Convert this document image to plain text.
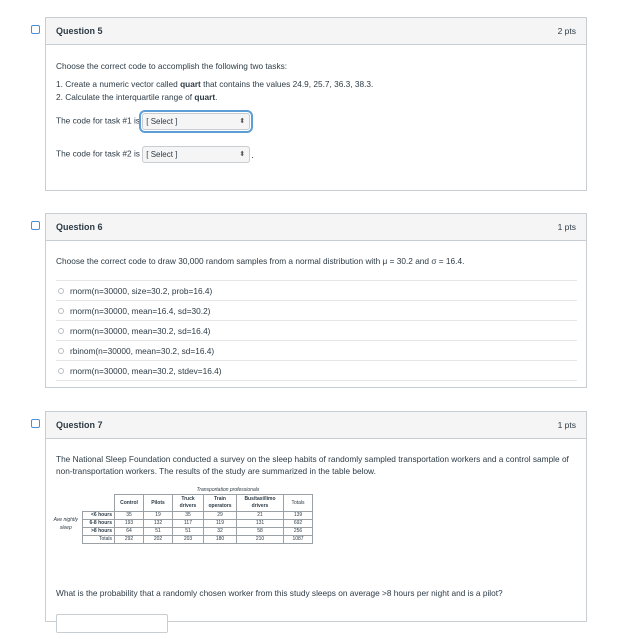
Question 5	2 pts
Choose the correct code to accomplish the following two tasks:
1. Create a numeric vector called quart that contains the values 24.9, 25.7, 36.3, 38.3.
2. Calculate the interquartile range of quart.
The code for task #1 is [ Select ]	⬍ .
The code for task #2 is [ Select ]	⬍ .
Question 6	1 pts
Choose the correct code to draw 30,000 random samples from a normal distribution with μ = 30.2 and σ = 16.4.
rnorm(n=30000, size=30.2, prob=16.4)
rnorm(n=30000, mean=16.4, sd=30.2)
rnorm(n=30000, mean=30.2, sd=16.4)
rbinom(n=30000, mean=30.2, sd=16.4)
rnorm(n=30000, mean=30.2, stdev=16.4)
Question 7	1 pts
The National Sleep Foundation conducted a survey on the sleep habits of randomly sampled transportation workers and a control sample of non-transportation workers. The results of the study are summarized in the table below.
				Transportation professionals			
		Control	Pilots	Truck drivers	Train operators	Bus/taxi/limo drivers	Totals
Ave nightly sleep	<6 hours	35	19	35	29	21	139
	6-8 hours	193	132	117	119	131	692
	>8 hours	64	51	51	32	58	256
	Totals	292	202	203	180	210	1087
What is the probability that a randomly chosen worker from this study sleeps on average >8 hours per night and is a pilot?
